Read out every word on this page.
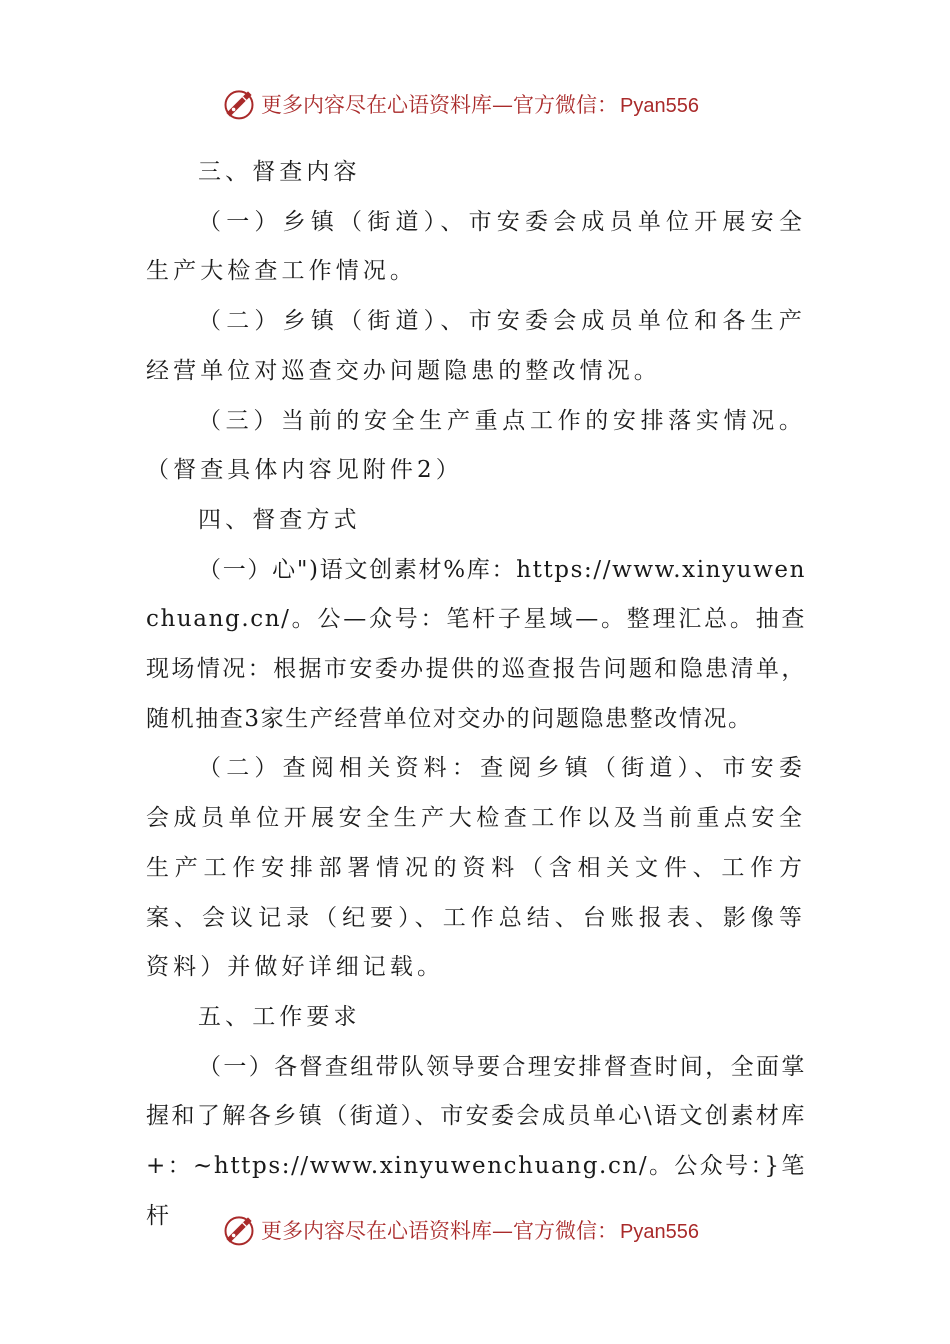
更多内容尽在心语资料库—官方微信： Pyan556

三、督查内容

（一）乡镇（街道）、市安委会成员单位开展安全生产大检查工作情况。

（二）乡镇（街道）、市安委会成员单位和各生产经营单位对巡查交办问题隐患的整改情况。

（三）当前的安全生产重点工作的安排落实情况。（督查具体内容见附件2）

四、督查方式

（一）心")语文创素材%库：https://www.xinyuwenchuang.cn/。公—众号：笔杆子星域—。整理汇总。抽查现场情况：根据市安委办提供的巡查报告问题和隐患清单，随机抽查3家生产经营单位对交办的问题隐患整改情况。

（二）查阅相关资料：查阅乡镇（街道）、市安委会成员单位开展安全生产大检查工作以及当前重点安全生产工作安排部署情况的资料（含相关文件、工作方案、会议记录（纪要）、工作总结、台账报表、影像等资料）并做好详细记载。

五、工作要求

（一）各督查组带队领导要合理安排督查时间，全面掌握和了解各乡镇（街道）、市安委会成员单心\语文创素材库+：~https://www.xinyuwenchuang.cn/。公众号：}笔杆

更多内容尽在心语资料库—官方微信： Pyan556
